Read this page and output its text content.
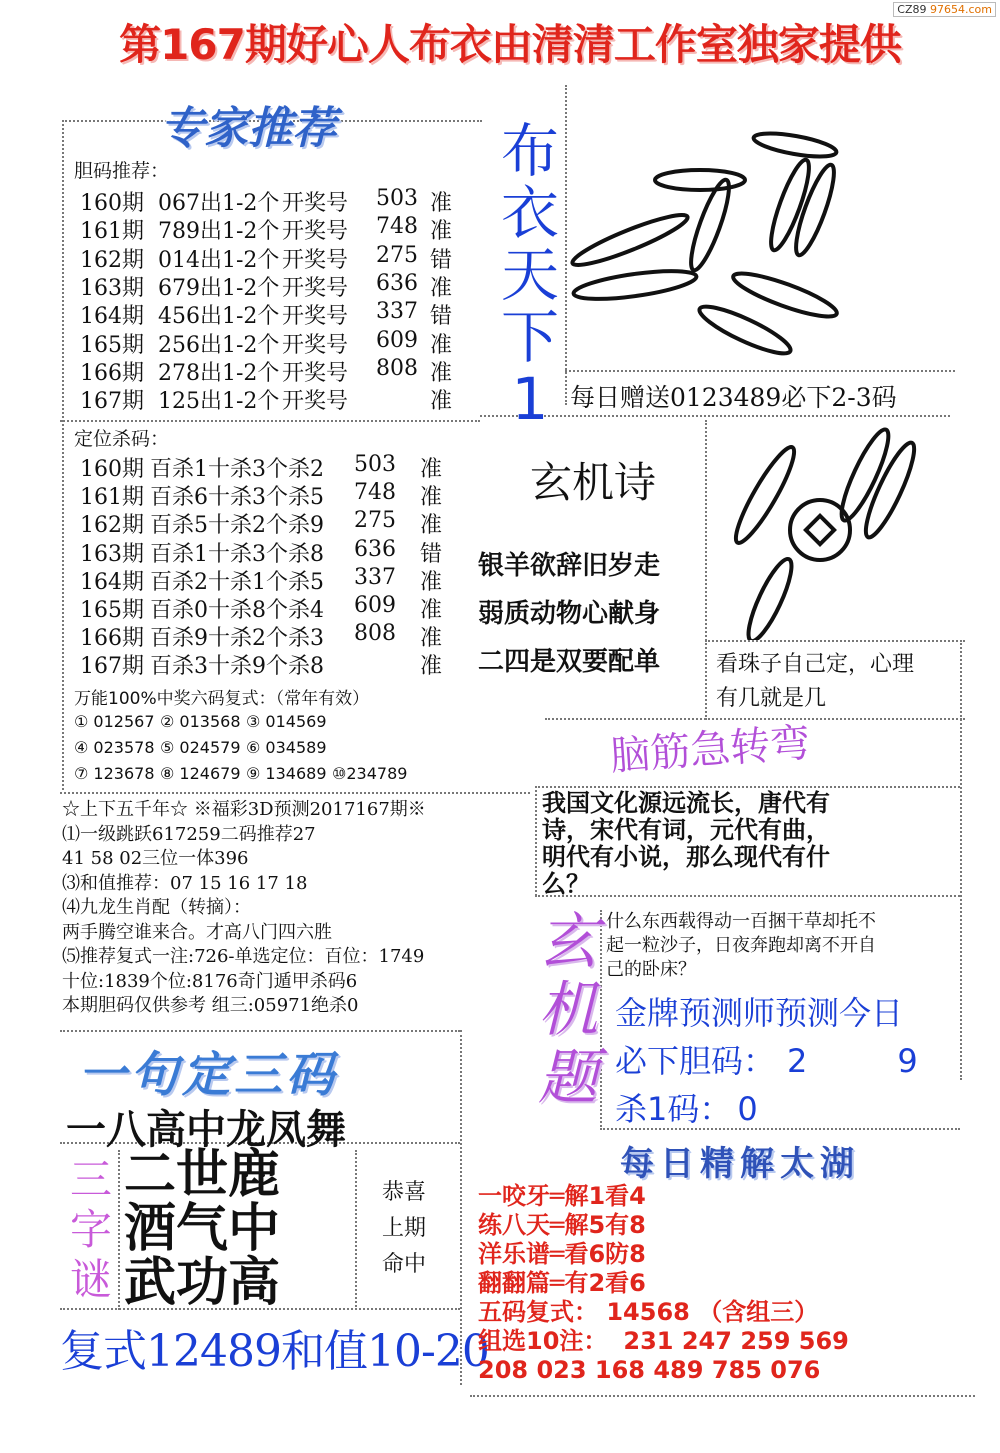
第167期好心人布衣由清清工作室独家提供
CZ89 97654.com
专家推荐
胆码推荐：
160期 067出1-2个 开奖号 503 准
161期 789出1-2个 开奖号 748 准
162期 014出1-2个 开奖号 275 错
163期 679出1-2个 开奖号 636 准
164期 456出1-2个 开奖号 337 错
165期 256出1-2个 开奖号 609 准
166期 278出1-2个 开奖号 808 准
167期 125出1-2个 开奖号	准
定位杀码：
160期 百杀1十杀3个杀2 503 准
161期 百杀6十杀3个杀5 748 准
162期 百杀5十杀2个杀9 275 准
163期 百杀1十杀3个杀8 636 错
164期 百杀2十杀1个杀5 337 准
165期 百杀0十杀8个杀4 609 准
166期 百杀9十杀2个杀3 808 准
167期 百杀3十杀9个杀8	准
万能100%中奖六码复式：（常年有效）
① 012567 ② 013568 ③ 014569
④ 023578 ⑤ 024579 ⑥ 034589
⑦ 123678 ⑧ 124679 ⑨ 134689 ⑩234789
布
衣
天
下
1 每日赠送0123489必下2-3码
玄机诗
银羊欲辞旧岁走
弱质动物心献身
二四是双要配单	看珠子自己定，心理
有几就是几
脑筋急转弯
我国文化源远流长，唐代有
诗，宋代有词，元代有曲，
明代有小说，那么现代有什
么？
☆上下五千年☆ ※福彩3D预测2017167期※
⑴一级跳跃617259二码推荐27
41 58 02三位一体396
⑶和值推荐：07 15 16 17 18
⑷九龙生肖配（转摘）：
两手腾空谁来合。才高八门四六胜
⑸推荐复式一注:726-单选定位：百位：1749
十位:1839个位:8176奇门遁甲杀码6
本期胆码仅供参考 组三:05971绝杀0
玄
机
题
什么东西载得动一百捆干草却托不
起一粒沙子，日夜奔跑却离不开自
己的卧床？
金牌预测师预测今日
必下胆码： 2	9
杀1码： 0
一句定三码
一八高中龙凤舞
三
字
谜
二世鹿
酒气中
武功高
恭喜
上期
命中
复式12489和值10-20
每日精解太湖
一咬牙═解1看4
练八天═解5有8
洋乐谱═看6防8
翻翻篇═有2看6
五码复式： 14568 （含组三）
组选10注： 231 247 259 569
208 023 168 489 785 076
